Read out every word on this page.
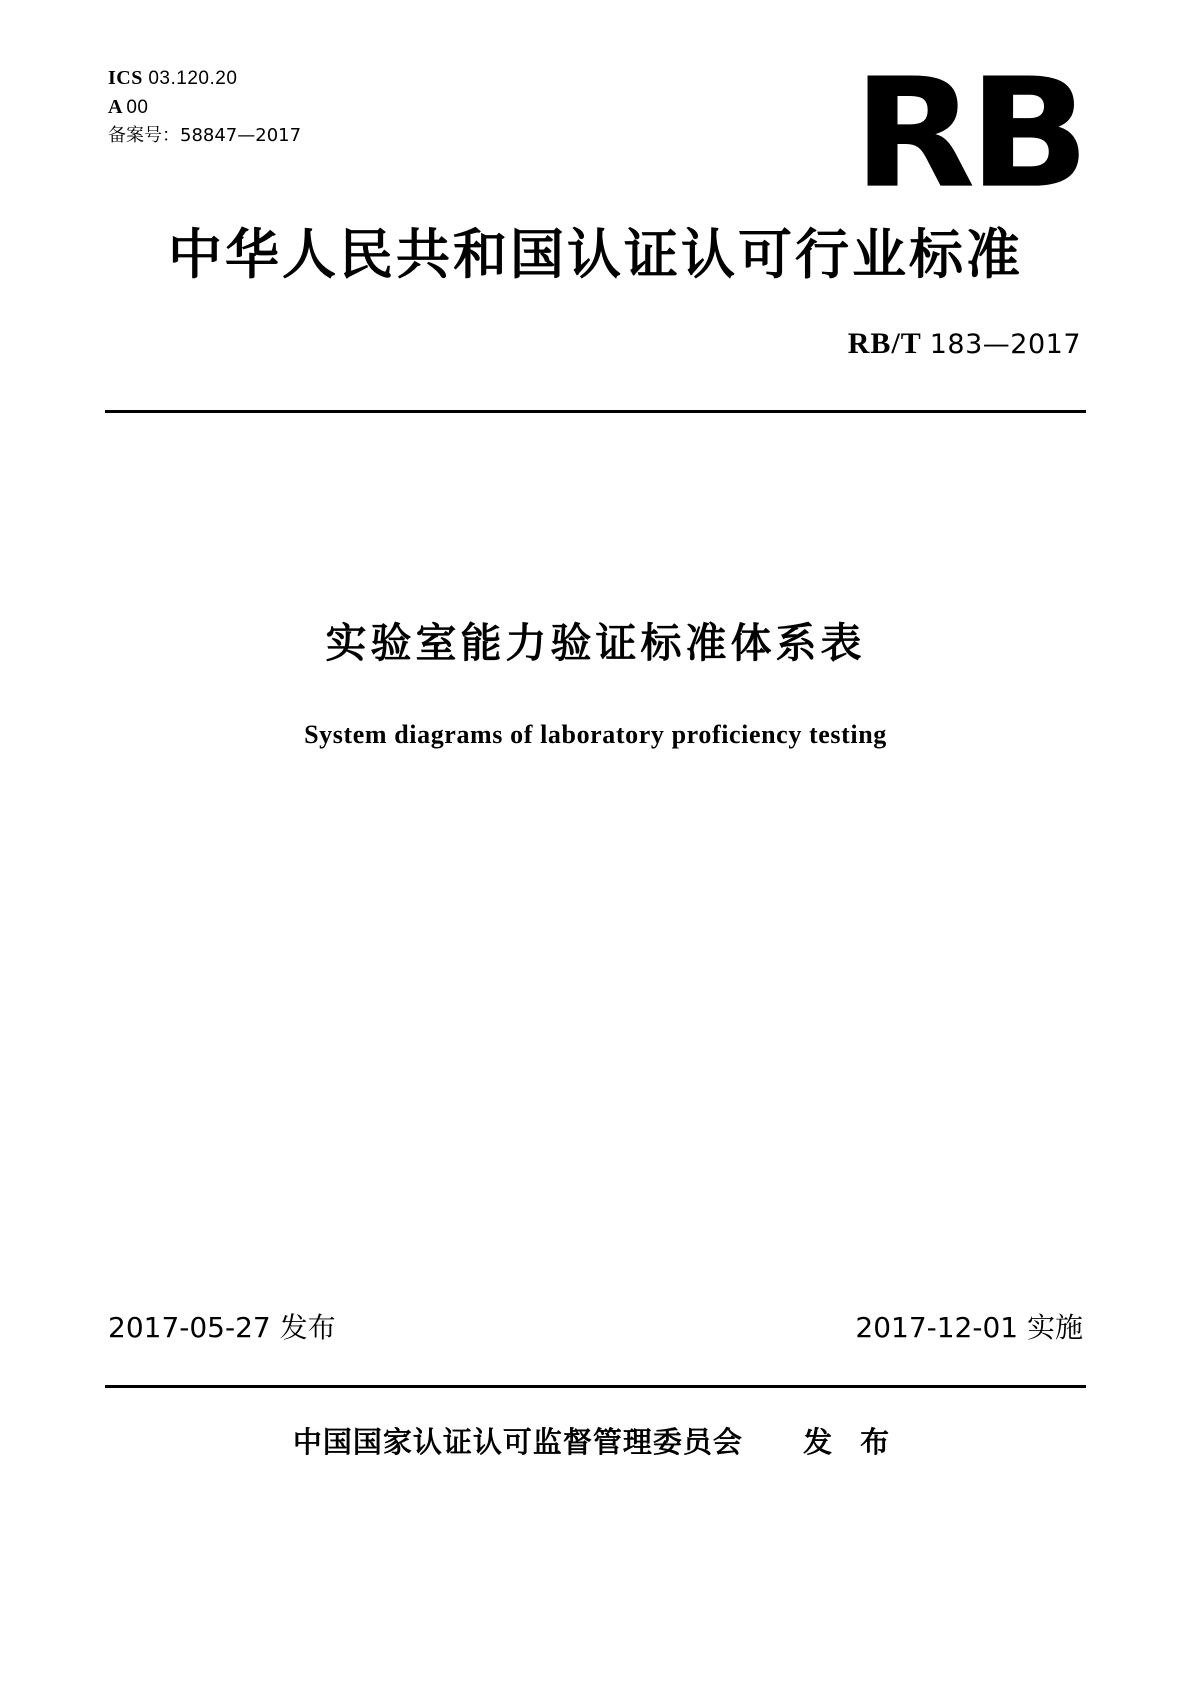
ICS 03.120.20
A 00
备案号：58847—2017	RB
中华人民共和国认证认可行业标准
RB/T 183—2017
实验室能力验证标准体系表
System diagrams of laboratory proficiency testing
2017-05-27 发布	2017-12-01 实施
中国国家认证认可监督管理委员会 发 布
